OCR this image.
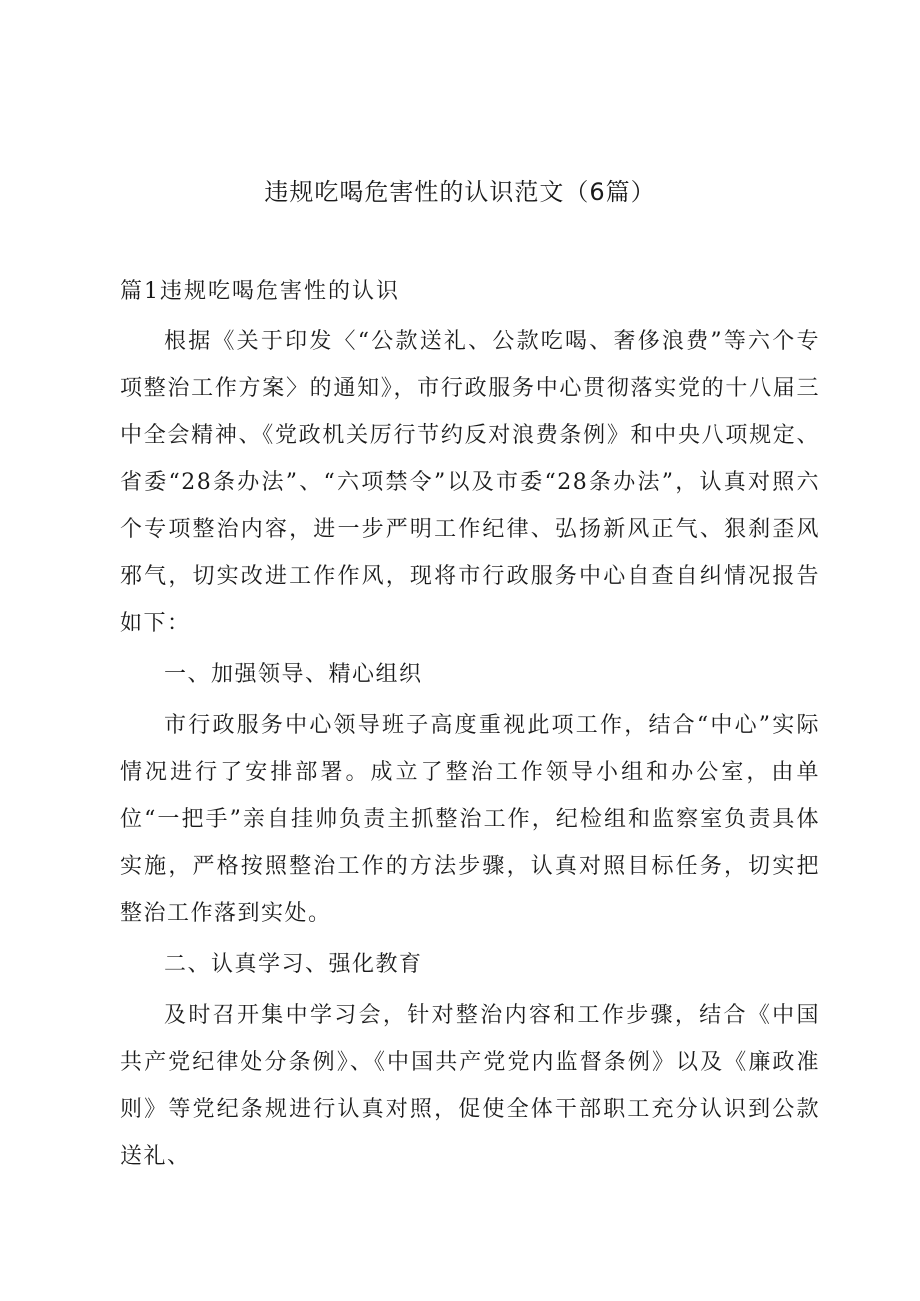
违规吃喝危害性的认识范文（6篇）
篇1违规吃喝危害性的认识

根据《关于印发〈“公款送礼、公款吃喝、奢侈浪费”等六个专项整治工作方案〉的通知》，市行政服务中心贯彻落实党的十八届三中全会精神、《党政机关厉行节约反对浪费条例》和中央八项规定、省委“28条办法”、“六项禁令”以及市委“28条办法”，认真对照六个专项整治内容，进一步严明工作纪律、弘扬新风正气、狠刹歪风邪气，切实改进工作作风，现将市行政服务中心自查自纠情况报告如下：

一、加强领导、精心组织

市行政服务中心领导班子高度重视此项工作，结合“中心”实际情况进行了安排部署。成立了整治工作领导小组和办公室，由单位“一把手”亲自挂帅负责主抓整治工作，纪检组和监察室负责具体实施，严格按照整治工作的方法步骤，认真对照目标任务，切实把整治工作落到实处。

二、认真学习、强化教育

及时召开集中学习会，针对整治内容和工作步骤，结合《中国共产党纪律处分条例》、《中国共产党党内监督条例》以及《廉政准则》等党纪条规进行认真对照，促使全体干部职工充分认识到公款送礼、
